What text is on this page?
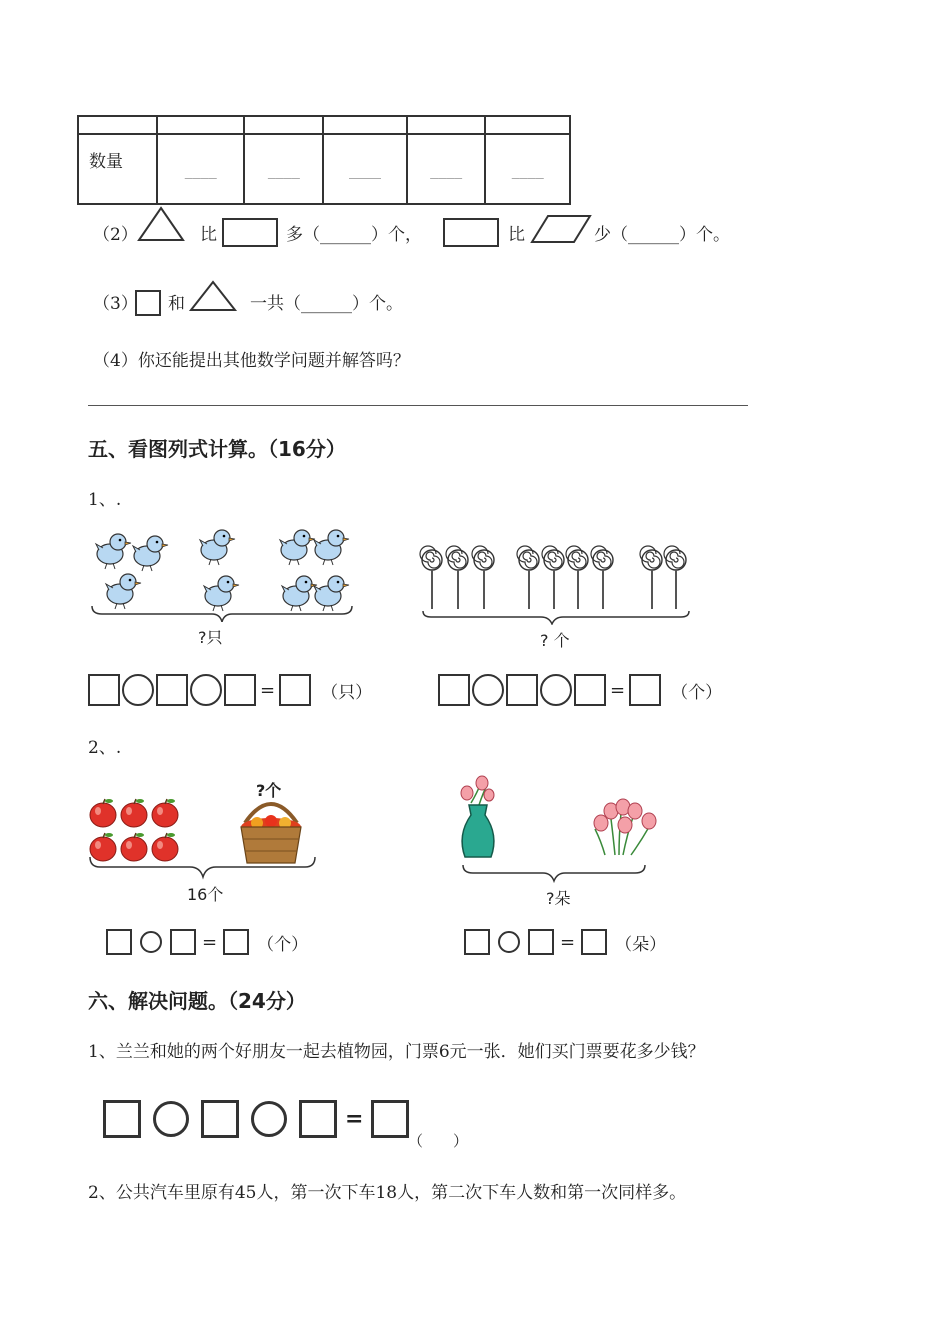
数量	____	____	____	____	____
（2）	比	多（______）个，	比	少（______）个。
（3） 和	一共（______）个。
（4）你还能提出其他数学问题并解答吗？
五、看图列式计算。（16分）
1、.
?只	? 个
=	（只）	=	（个）
2、.
?个
16个	?朵
= （个）	= （朵）
六、解决问题。（24分）
1、兰兰和她的两个好朋友一起去植物园，门票6元一张．她们买门票要花多少钱？
=
（　　）
2、公共汽车里原有45人，第一次下车18人，第二次下车人数和第一次同样多。
